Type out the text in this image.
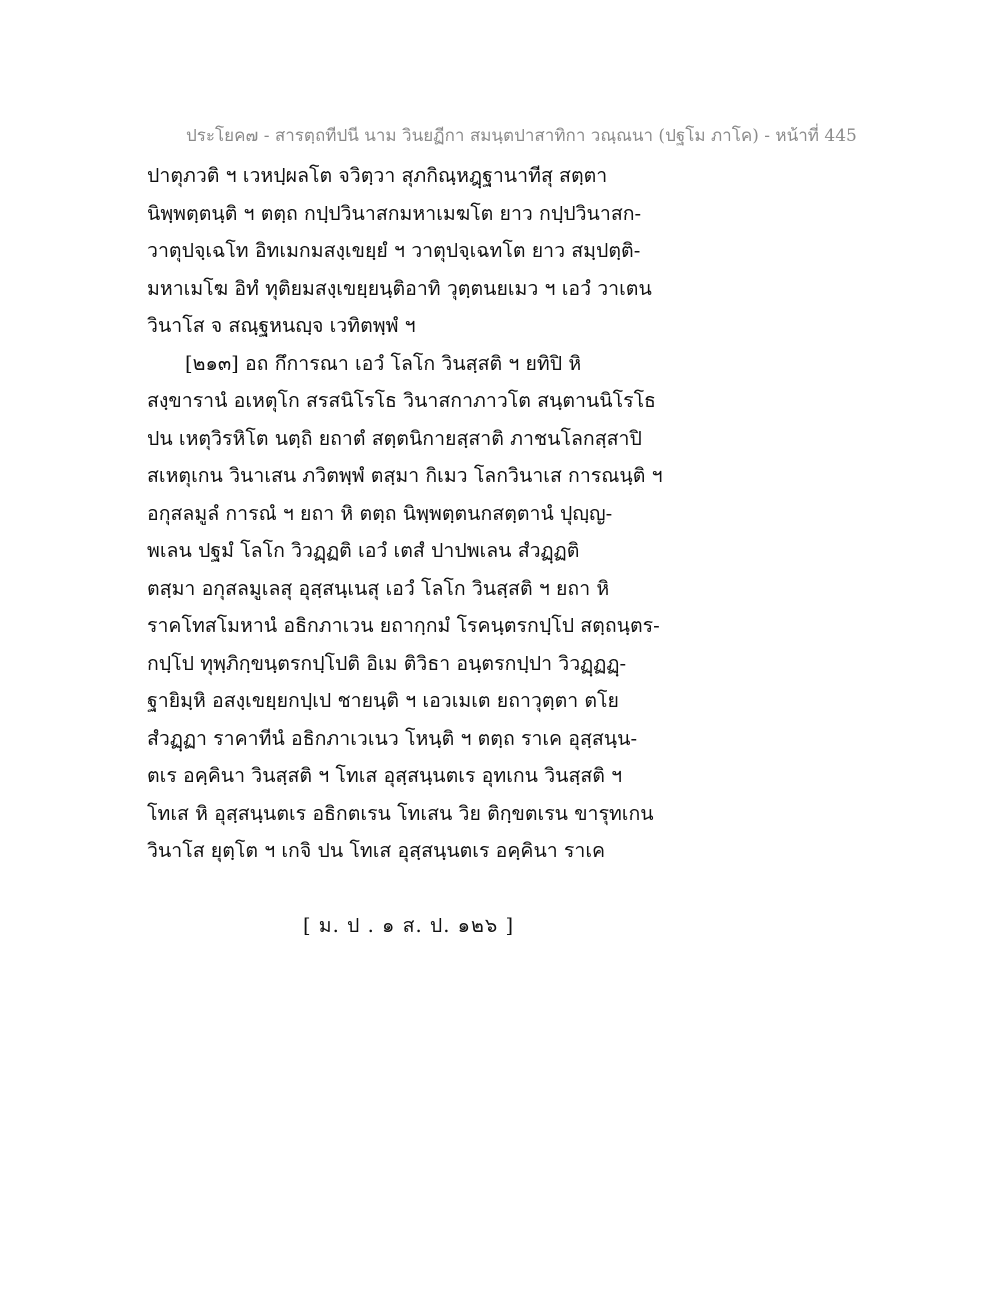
ประโยค๗ - สารตฺถทีปนี นาม วินยฏีกา สมนฺตปาสาทิกา วณฺณนา (ปฐโม ภาโค) - หน้าที่ 445
ปาตุภวติ ฯ เวหปฺผลโต จวิตฺวา สุภกิณฺหฎฺฐานาทีสุ สตฺตา
นิพฺพตฺตนฺติ ฯ ตตฺถ กปฺปวินาสกมหาเมฆโต ยาว กปฺปวินาสก-
วาตุปจฺเฉโท อิทเมกมสงฺเขยฺยํ ฯ วาตุปจฺเฉทโต ยาว สมฺปตฺติ-
มหาเมโฆ อิทํ ทุติยมสงฺเขยฺยนฺติอาทิ วุตฺตนยเมว ฯ เอวํ วาเตน
วินาโส จ สณฺฐหนญฺจ เวทิตพฺพํ ฯ
[๒๑๓] อถ กึการณา เอวํ โลโก วินสฺสติ ฯ ยทิปิ หิ
สงฺขารานํ อเหตุโก สรสนิโรโธ วินาสกาภาวโต สนฺตานนิโรโธ
ปน เหตุวิรหิโต นตฺถิ ยถาตํ สตฺตนิกายสฺสาติ ภาชนโลกสฺสาปิ
สเหตุเกน วินาเสน ภวิตพฺพํ ตสฺมา กิเมว โลกวินาเส การณนฺติ ฯ
อกุสลมูลํ การณํ ฯ ยถา หิ ตตฺถ นิพฺพตฺตนกสตฺตานํ ปุญฺญ-
พเลน ปฐมํ โลโก วิวฏฺฏติ เอวํ เตสํ ปาปพเลน สํวฏฺฏติ
ตสฺมา อกุสลมูเลสุ อุสฺสนฺเนสุ เอวํ โลโก วินสฺสติ ฯ ยถา หิ
ราคโทสโมหานํ อธิกภาเวน ยถากฺกมํ โรคนฺตรกปฺโป สตฺถนฺตร-
กปฺโป ทุพฺภิกฺขนฺตรกปฺโปติ อิเม ติวิธา อนฺตรกปฺปา วิวฏฺฏฏฺ-
ฐายิมฺหิ อสงฺเขยฺยกปฺเป ชายนฺติ ฯ เอวเมเต ยถาวุตฺตา ตโย
สํวฏฺฏา ราคาทีนํ อธิกภาเวเนว โหนฺติ ฯ ตตฺถ ราเค อุสฺสนฺน-
ตเร อคฺคินา วินสฺสติ ฯ โทเส อุสฺสนฺนตเร อุทเกน วินสฺสติ ฯ
โทเส หิ อุสฺสนฺนตเร อธิกตเรน โทเสน วิย ติกฺขตเรน ขารุทเกน
วินาโส ยุตฺโต ฯ เกจิ ปน โทเส อุสฺสนฺนตเร อคฺคินา ราเค
[ ม. ป . ๑ ส. ป. ๑๒๖ ]
